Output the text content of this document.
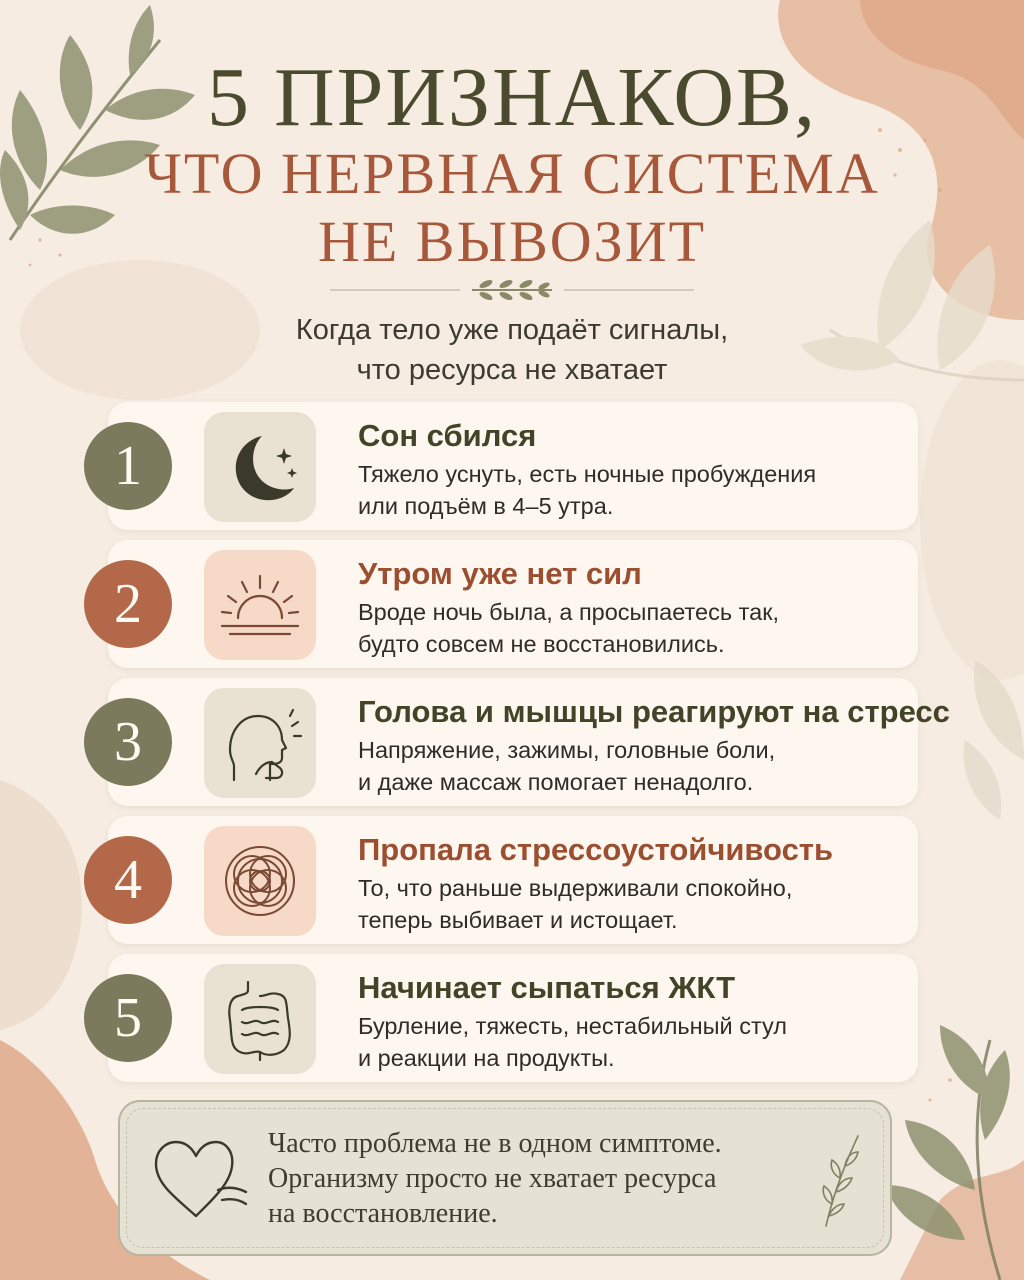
5 ПРИЗНАКОВ,
ЧТО НЕРВНАЯ СИСТЕМА
НЕ ВЫВОЗИТ
Когда тело уже подаёт сигналы,
что ресурса не хватает
1	Сон сбился
Тяжело уснуть, есть ночные пробуждения
или подъём в 4–5 утра.
2	Утром уже нет сил
Вроде ночь была, а просыпаетесь так,
будто совсем не восстановились.
3	Голова и мышцы реагируют на стресс
Напряжение, зажимы, головные боли,
и даже массаж помогает ненадолго.
4	Пропала стрессоустойчивость
То, что раньше выдерживали спокойно,
теперь выбивает и истощает.
5	Начинает сыпаться ЖКТ
Бурление, тяжесть, нестабильный стул
и реакции на продукты.
Часто проблема не в одном симптоме.
Организму просто не хватает ресурса
на восстановление.
